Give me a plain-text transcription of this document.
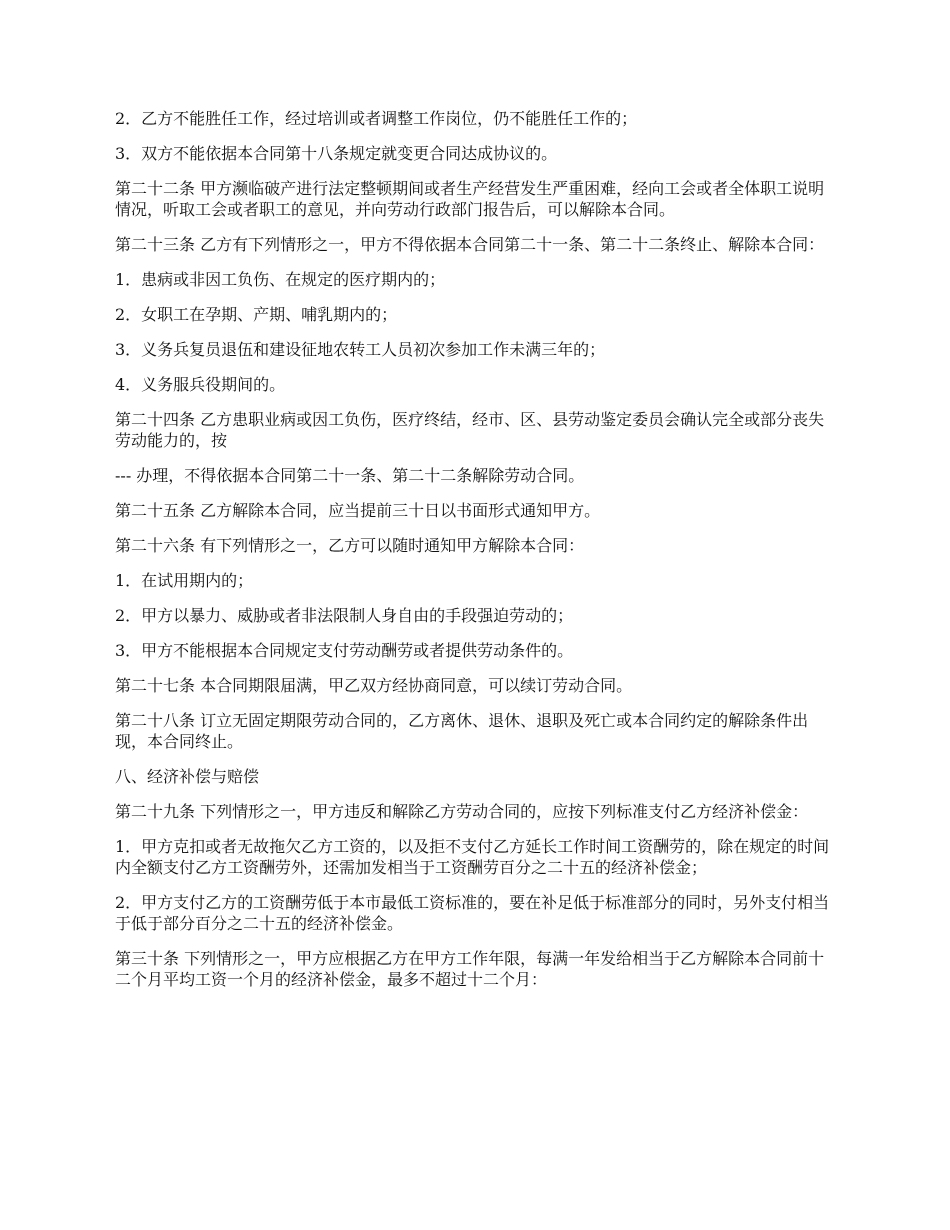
2．乙方不能胜任工作，经过培训或者调整工作岗位，仍不能胜任工作的；

3．双方不能依据本合同第十八条规定就变更合同达成协议的。

第二十二条 甲方濒临破产进行法定整顿期间或者生产经营发生严重困难，经向工会或者全体职工说明情况，听取工会或者职工的意见，并向劳动行政部门报告后，可以解除本合同。

第二十三条 乙方有下列情形之一，甲方不得依据本合同第二十一条、第二十二条终止、解除本合同：

1．患病或非因工负伤、在规定的医疗期内的；

2．女职工在孕期、产期、哺乳期内的；

3．义务兵复员退伍和建设征地农转工人员初次参加工作未满三年的；

4．义务服兵役期间的。

第二十四条 乙方患职业病或因工负伤，医疗终结，经市、区、县劳动鉴定委员会确认完全或部分丧失劳动能力的，按

--- 办理，不得依据本合同第二十一条、第二十二条解除劳动合同。

第二十五条 乙方解除本合同，应当提前三十日以书面形式通知甲方。

第二十六条 有下列情形之一，乙方可以随时通知甲方解除本合同：

1．在试用期内的；

2．甲方以暴力、威胁或者非法限制人身自由的手段强迫劳动的；

3．甲方不能根据本合同规定支付劳动酬劳或者提供劳动条件的。

第二十七条 本合同期限届满，甲乙双方经协商同意，可以续订劳动合同。

第二十八条 订立无固定期限劳动合同的，乙方离休、退休、退职及死亡或本合同约定的解除条件出现，本合同终止。

八、经济补偿与赔偿

第二十九条 下列情形之一，甲方违反和解除乙方劳动合同的，应按下列标准支付乙方经济补偿金：

1．甲方克扣或者无故拖欠乙方工资的，以及拒不支付乙方延长工作时间工资酬劳的，除在规定的时间内全额支付乙方工资酬劳外，还需加发相当于工资酬劳百分之二十五的经济补偿金；

2．甲方支付乙方的工资酬劳低于本市最低工资标准的，要在补足低于标准部分的同时，另外支付相当于低于部分百分之二十五的经济补偿金。

第三十条 下列情形之一，甲方应根据乙方在甲方工作年限，每满一年发给相当于乙方解除本合同前十二个月平均工资一个月的经济补偿金，最多不超过十二个月：
